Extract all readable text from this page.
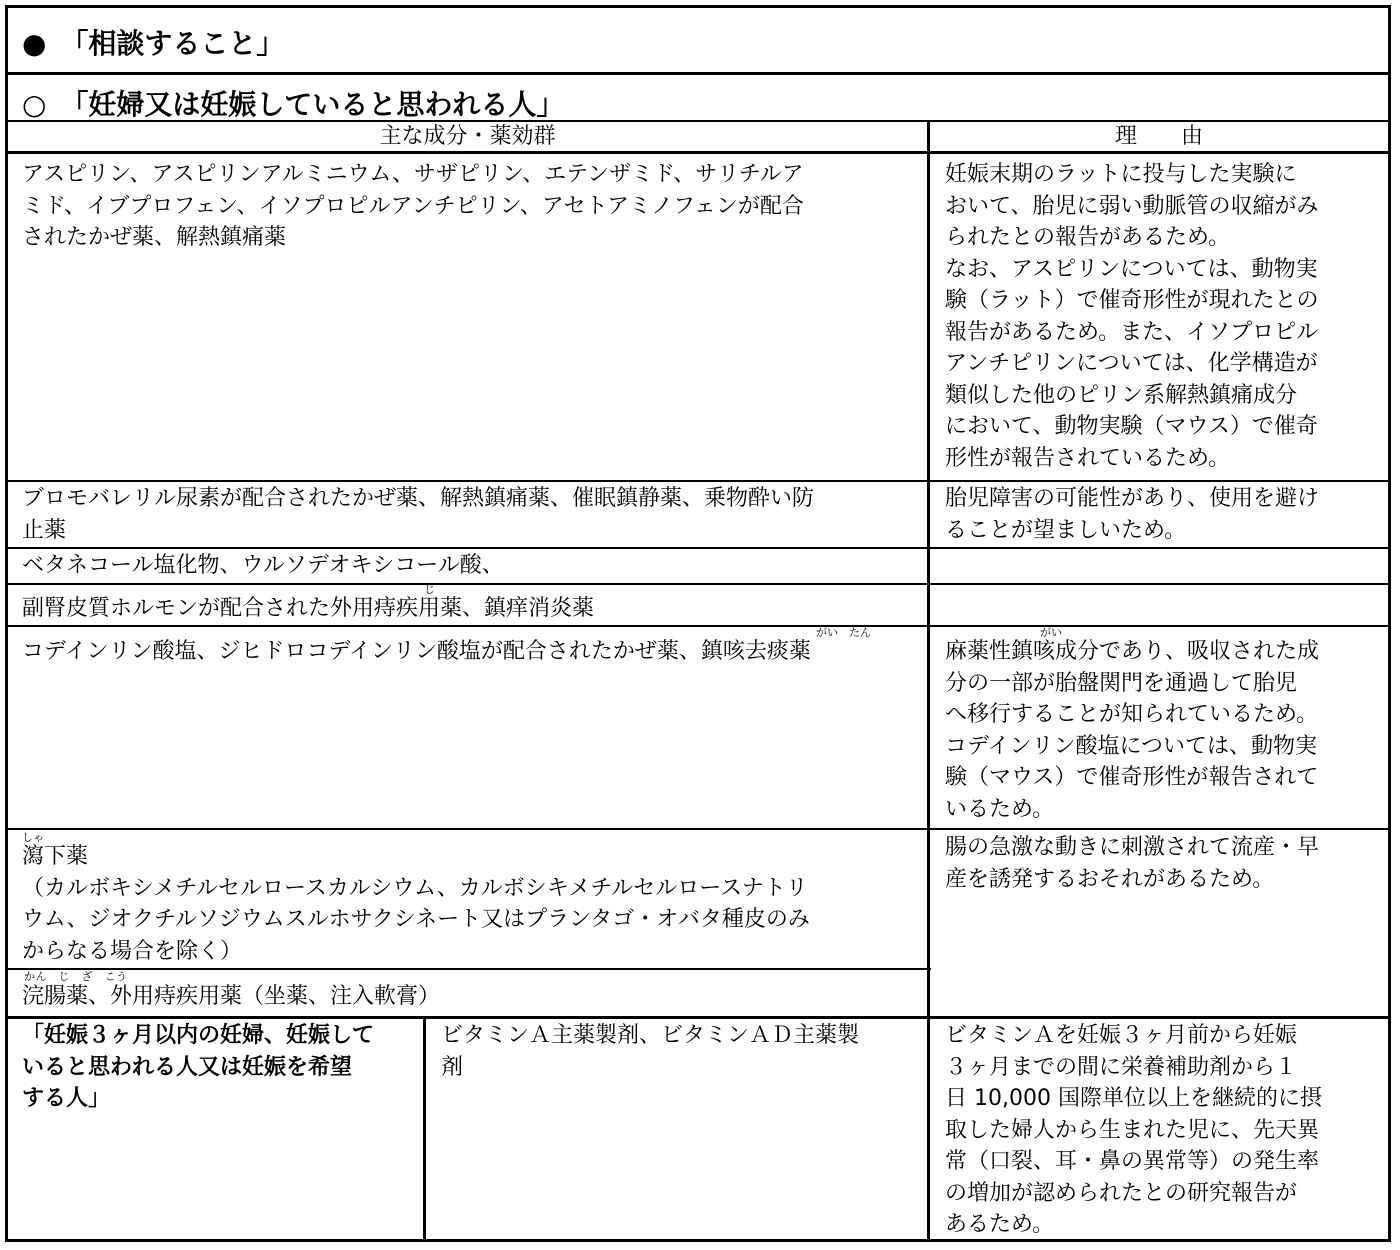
●　「相談すること」
○　「妊婦又は妊娠していると思われる人」
主な成分・薬効群	理　　由
アスピリン、アスピリンアルミニウム、サザピリン、エテンザミド、サリチルア
ミド、イブプロフェン、イソプロピルアンチピリン、アセトアミノフェンが配合
されたかぜ薬、解熱鎮痛薬
妊娠末期のラットに投与した実験に
おいて、胎児に弱い動脈管の収縮がみ
られたとの報告があるため。
なお、アスピリンについては、動物実
験（ラット）で催奇形性が現れたとの
報告があるため。また、イソプロピル
アンチピリンについては、化学構造が
類似した他のピリン系解熱鎮痛成分
において、動物実験（マウス）で催奇
形性が報告されているため。
ブロモバレリル尿素が配合されたかぜ薬、解熱鎮痛薬、催眠鎮静薬、乗物酔い防
止薬
胎児障害の可能性があり、使用を避け
ることが望ましいため。
ベタネコール塩化物、ウルソデオキシコール酸、
じ
副腎皮質ホルモンが配合された外用痔疾用薬、鎮痒消炎薬
がい　たん
コデインリン酸塩、ジヒドロコデインリン酸塩が配合されたかぜ薬、鎮咳去痰薬
がい
麻薬性鎮咳成分であり、吸収された成
分の一部が胎盤関門を通過して胎児
へ移行することが知られているため。
コデインリン酸塩については、動物実
験（マウス）で催奇形性が報告されて
いるため。
しゃ
瀉下薬
（カルボキシメチルセルロースカルシウム、カルボシキメチルセルロースナトリ
ウム、ジオクチルソジウムスルホサクシネート又はプランタゴ・オバタ種皮のみ
からなる場合を除く）
腸の急激な動きに刺激されて流産・早
産を誘発するおそれがあるため。
かん　じ　ざ　こう
浣腸薬、外用痔疾用薬（坐薬、注入軟膏）
「妊娠３ヶ月以内の妊婦、妊娠して
いると思われる人又は妊娠を希望
する人」
ビタミンＡ主薬製剤、ビタミンＡＤ主薬製
剤
ビタミンＡを妊娠３ヶ月前から妊娠
３ヶ月までの間に栄養補助剤から１
日 10,000 国際単位以上を継続的に摂
取した婦人から生まれた児に、先天異
常（口裂、耳・鼻の異常等）の発生率
の増加が認められたとの研究報告が
あるため。
